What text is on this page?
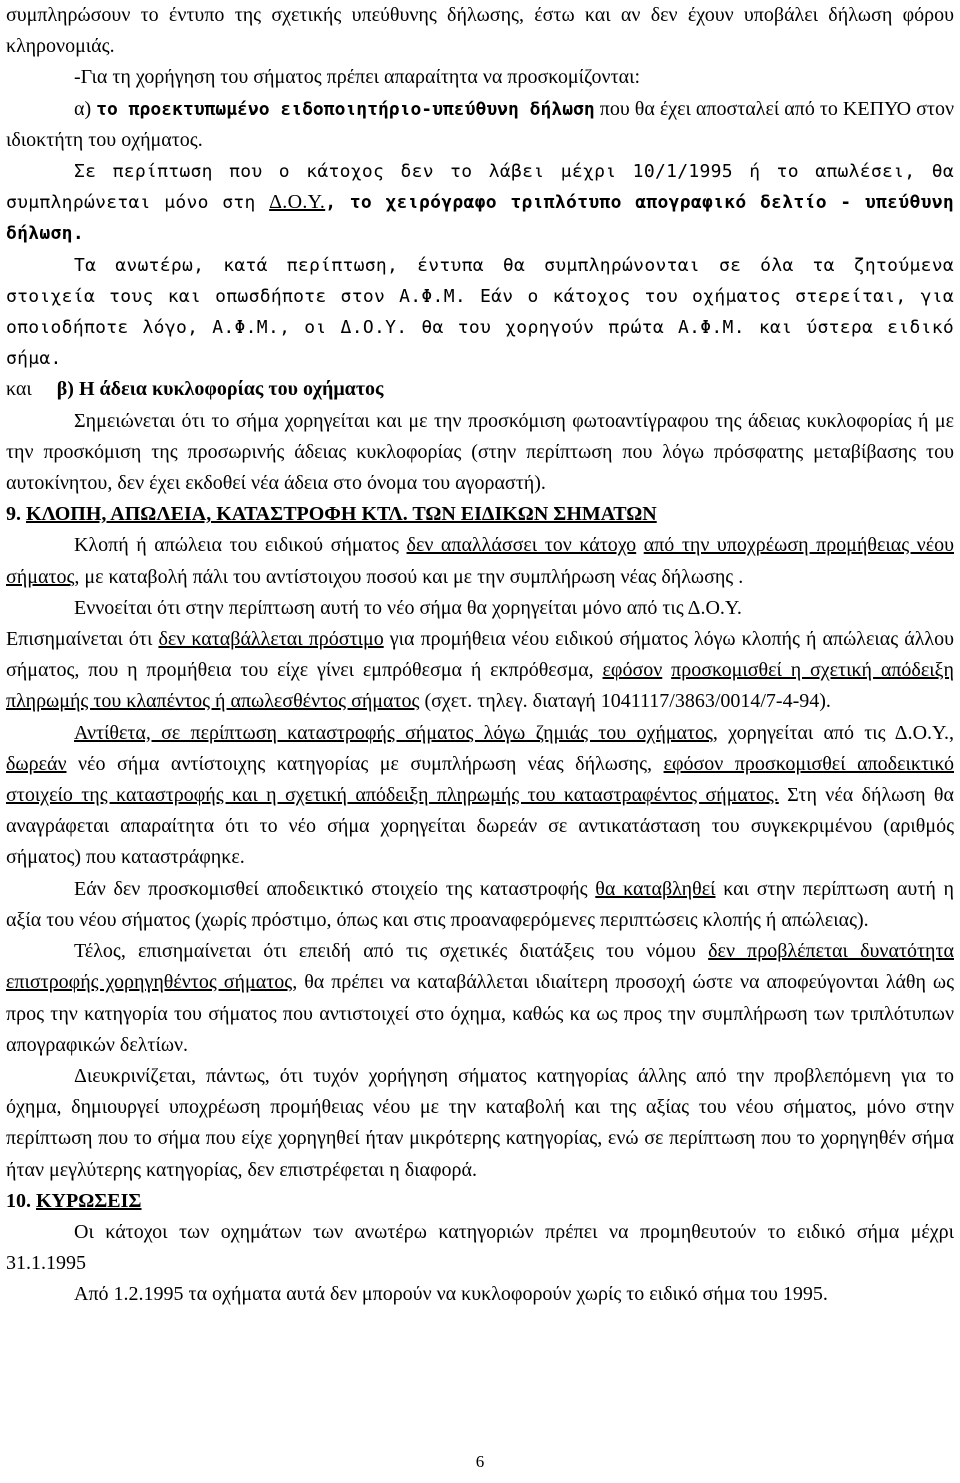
συμπληρώσουν το έντυπο της σχετικής υπεύθυνης δήλωσης, έστω και αν δεν έχουν υποβάλει δήλωση φόρου κληρονομιάς.

-Για τη χορήγηση του σήματος πρέπει απαραίτητα να προσκομίζονται:

α) το προεκτυπωμένο ειδοποιητήριο-υπεύθυνη δήλωση που θα έχει αποσταλεί από το ΚΕΠΥΟ στον ιδιοκτήτη του οχήματος.

Σε περίπτωση που ο κάτοχος δεν το λάβει μέχρι 10/1/1995 ή το απωλέσει, θα συμπληρώνεται μόνο στη Δ.Ο.Υ., το χειρόγραφο τριπλότυπο απογραφικό δελτίο - υπεύθυνη δήλωση.

Τα ανωτέρω, κατά περίπτωση, έντυπα θα συμπληρώνονται σε όλα τα ζητούμενα στοιχεία τους και οπωσδήποτε στον Α.Φ.Μ. Εάν ο κάτοχος του οχήματος στερείται, για οποιοδήποτε λόγο, Α.Φ.Μ., οι Δ.Ο.Υ. θα του χορηγούν πρώτα Α.Φ.Μ. και ύστερα ειδικό σήμα.

και β) Η άδεια κυκλοφορίας του οχήματος

Σημειώνεται ότι το σήμα χορηγείται και με την προσκόμιση φωτοαντίγραφου της άδειας κυκλοφορίας ή με την προσκόμιση της προσωρινής άδειας κυκλοφορίας (στην περίπτωση που λόγω πρόσφατης μεταβίβασης του αυτοκίνητου, δεν έχει εκδοθεί νέα άδεια στο όνομα του αγοραστή).

9. ΚΛΟΠΗ, ΑΠΩΛΕΙΑ, ΚΑΤΑΣΤΡΟΦΗ ΚΤΛ. ΤΩΝ ΕΙΔΙΚΩΝ ΣΗΜΑΤΩΝ

Κλοπή ή απώλεια του ειδικού σήματος δεν απαλλάσσει τον κάτοχο από την υποχρέωση προμήθειας νέου σήματος, με καταβολή πάλι του αντίστοιχου ποσού και με την συμπλήρωση νέας δήλωσης .

Εννοείται ότι στην περίπτωση αυτή το νέο σήμα θα χορηγείται μόνο από τις Δ.Ο.Υ.

Επισημαίνεται ότι δεν καταβάλλεται πρόστιμο για προμήθεια νέου ειδικού σήματος λόγω κλοπής ή απώλειας άλλου σήματος, που η προμήθεια του είχε γίνει εμπρόθεσμα ή εκπρόθεσμα, εφόσον προσκομισθεί η σχετική απόδειξη πληρωμής του κλαπέντος ή απωλεσθέντος σήματος (σχετ. τηλεγ. διαταγή 1041117/3863/0014/7-4-94).

Αντίθετα, σε περίπτωση καταστροφής σήματος λόγω ζημιάς του οχήματος, χορηγείται από τις Δ.Ο.Υ., δωρεάν νέο σήμα αντίστοιχης κατηγορίας με συμπλήρωση νέας δήλωσης, εφόσον προσκομισθεί αποδεικτικό στοιχείο της καταστροφής και η σχετική απόδειξη πληρωμής του καταστραφέντος σήματος. Στη νέα δήλωση θα αναγράφεται απαραίτητα ότι το νέο σήμα χορηγείται δωρεάν σε αντικατάσταση του συγκεκριμένου (αριθμός σήματος) που καταστράφηκε.

Εάν δεν προσκομισθεί αποδεικτικό στοιχείο της καταστροφής θα καταβληθεί και στην περίπτωση αυτή η αξία του νέου σήματος (χωρίς πρόστιμο, όπως και στις προαναφερόμενες περιπτώσεις κλοπής ή απώλειας).

Τέλος, επισημαίνεται ότι επειδή από τις σχετικές διατάξεις του νόμου δεν προβλέπεται δυνατότητα επιστροφής χορηγηθέντος σήματος, θα πρέπει να καταβάλλεται ιδιαίτερη προσοχή ώστε να αποφεύγονται λάθη ως προς την κατηγορία του σήματος που αντιστοιχεί στο όχημα, καθώς κα ως προς την συμπλήρωση των τριπλότυπων απογραφικών δελτίων.

Διευκρινίζεται, πάντως, ότι τυχόν χορήγηση σήματος κατηγορίας άλλης από την προβλεπόμενη για το όχημα, δημιουργεί υποχρέωση προμήθειας νέου με την καταβολή και της αξίας του νέου σήματος, μόνο στην περίπτωση που το σήμα που είχε χορηγηθεί ήταν μικρότερης κατηγορίας, ενώ σε περίπτωση που το χορηγηθέν σήμα ήταν μεγλύτερης κατηγορίας, δεν επιστρέφεται η διαφορά.

10. ΚΥΡΩΣΕΙΣ

Οι κάτοχοι των οχημάτων των ανωτέρω κατηγοριών πρέπει να προμηθευτούν το ειδικό σήμα μέχρι 31.1.1995

Από 1.2.1995 τα οχήματα αυτά δεν μπορούν να κυκλοφορούν χωρίς το ειδικό σήμα του 1995.

6
